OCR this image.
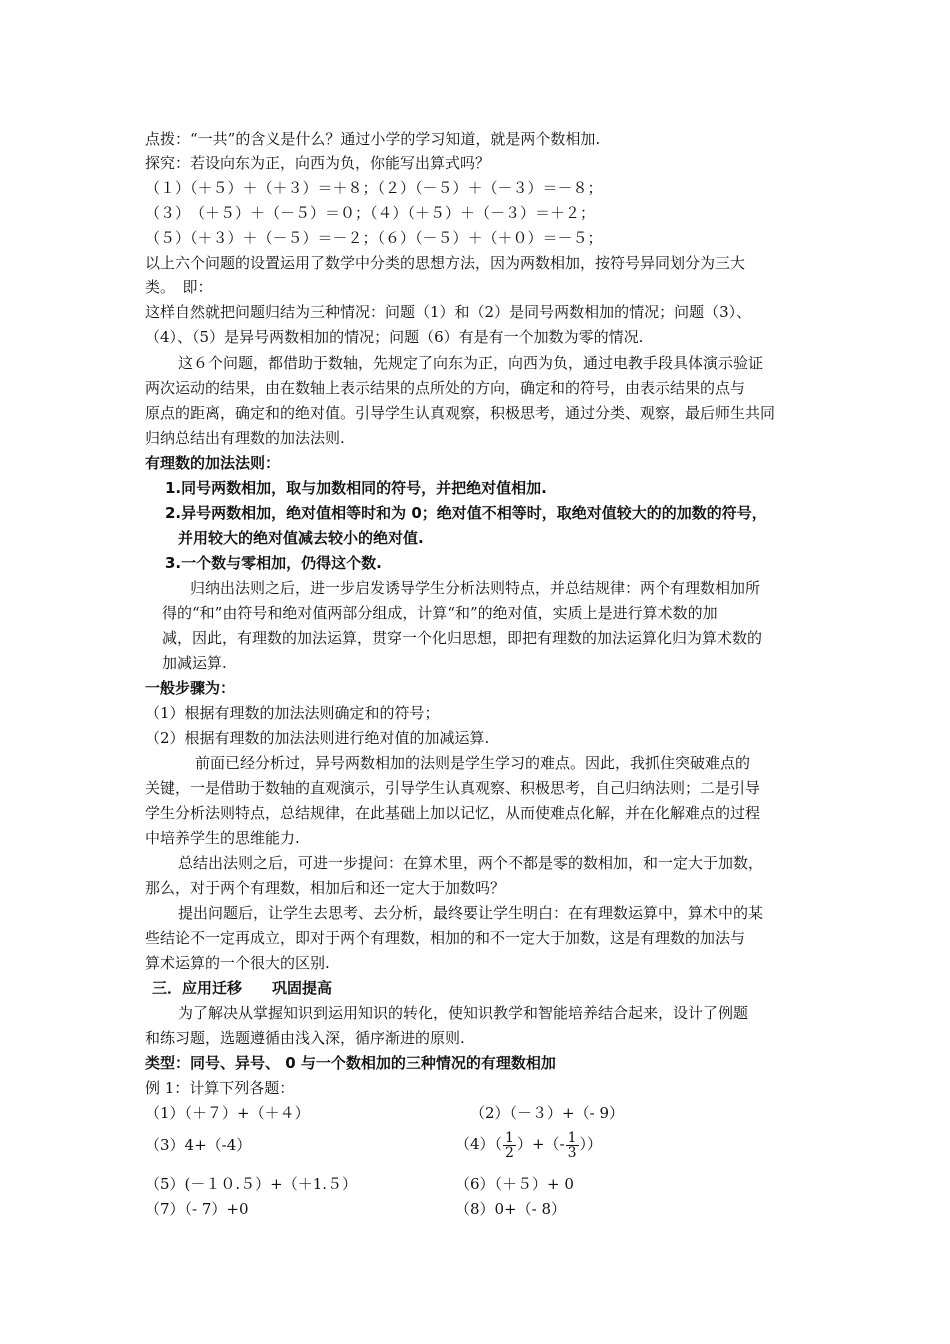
点拨：“一共”的含义是什么？通过小学的学习知道，就是两个数相加.
探究：若设向东为正，向西为负，你能写出算式吗？
（１）（＋５）＋（＋３）＝＋８；（２）（－５）＋（－３）＝－８；
（３）　（＋５）＋（－５）＝０；（４）（＋５）＋（－３）＝＋２；
（５）（＋３）＋（－５）＝－２；（６）（－５）＋（＋０）＝－５；
以上六个问题的设置运用了数学中分类的思想方法，因为两数相加，按符号异同划分为三大
类。　即：
这样自然就把问题归结为三种情况：问题（1）和（2）是同号两数相加的情况；问题（3）、
（4）、（5）是异号两数相加的情况；问题（6）有是有一个加数为零的情况.
这６个问题，都借助于数轴，先规定了向东为正，向西为负，通过电教手段具体演示验证
两次运动的结果，由在数轴上表示结果的点所处的方向，确定和的符号，由表示结果的点与
原点的距离，确定和的绝对值。引导学生认真观察，积极思考，通过分类、观察，最后师生共同
归纳总结出有理数的加法法则.
有理数的加法法则：
1.同号两数相加，取与加数相同的符号，并把绝对值相加.
2.异号两数相加，绝对值相等时和为 0；绝对值不相等时，取绝对值较大的的加数的符号，
并用较大的绝对值减去较小的绝对值.
3.一个数与零相加，仍得这个数.
归纳出法则之后，进一步启发诱导学生分析法则特点，并总结规律：两个有理数相加所
得的“和”由符号和绝对值两部分组成，计算“和”的绝对值，实质上是进行算术数的加
减，因此，有理数的加法运算，贯穿一个化归思想，即把有理数的加法运算化归为算术数的
加减运算.
一般步骤为：
（1）根据有理数的加法法则确定和的符号；
（2）根据有理数的加法法则进行绝对值的加减运算.
前面已经分析过，异号两数相加的法则是学生学习的难点。因此，我抓住突破难点的
关键，一是借助于数轴的直观演示，引导学生认真观察、积极思考，自己归纳法则；二是引导
学生分析法则特点，总结规律，在此基础上加以记忆，从而使难点化解，并在化解难点的过程
中培养学生的思维能力.
总结出法则之后，可进一步提问：在算术里，两个不都是零的数相加，和一定大于加数，
那么，对于两个有理数，相加后和还一定大于加数吗？
提出问题后，让学生去思考、去分析，最终要让学生明白：在有理数运算中，算术中的某
些结论不一定再成立，即对于两个有理数，相加的和不一定大于加数，这是有理数的加法与
算术运算的一个很大的区别.
三．应用迁移　　巩固提高
为了解决从掌握知识到运用知识的转化，使知识教学和智能培养结合起来，设计了例题
和练习题，选题遵循由浅入深，循序渐进的原则.
类型：同号、异号、 0 与一个数相加的三种情况的有理数相加
例 1：计算下列各题：
（1）（＋７）+（＋４）	（2）（－３）+（- 9）
（3）4+（-4）	$(4)( \frac{1}{2}$ ）+（- $\frac{1}{3}$ ））
（5）(－１０.５）+（＋1.５）	（6）（＋５）+ 0
（7）（- 7）+0	（8）0+（- 8）
